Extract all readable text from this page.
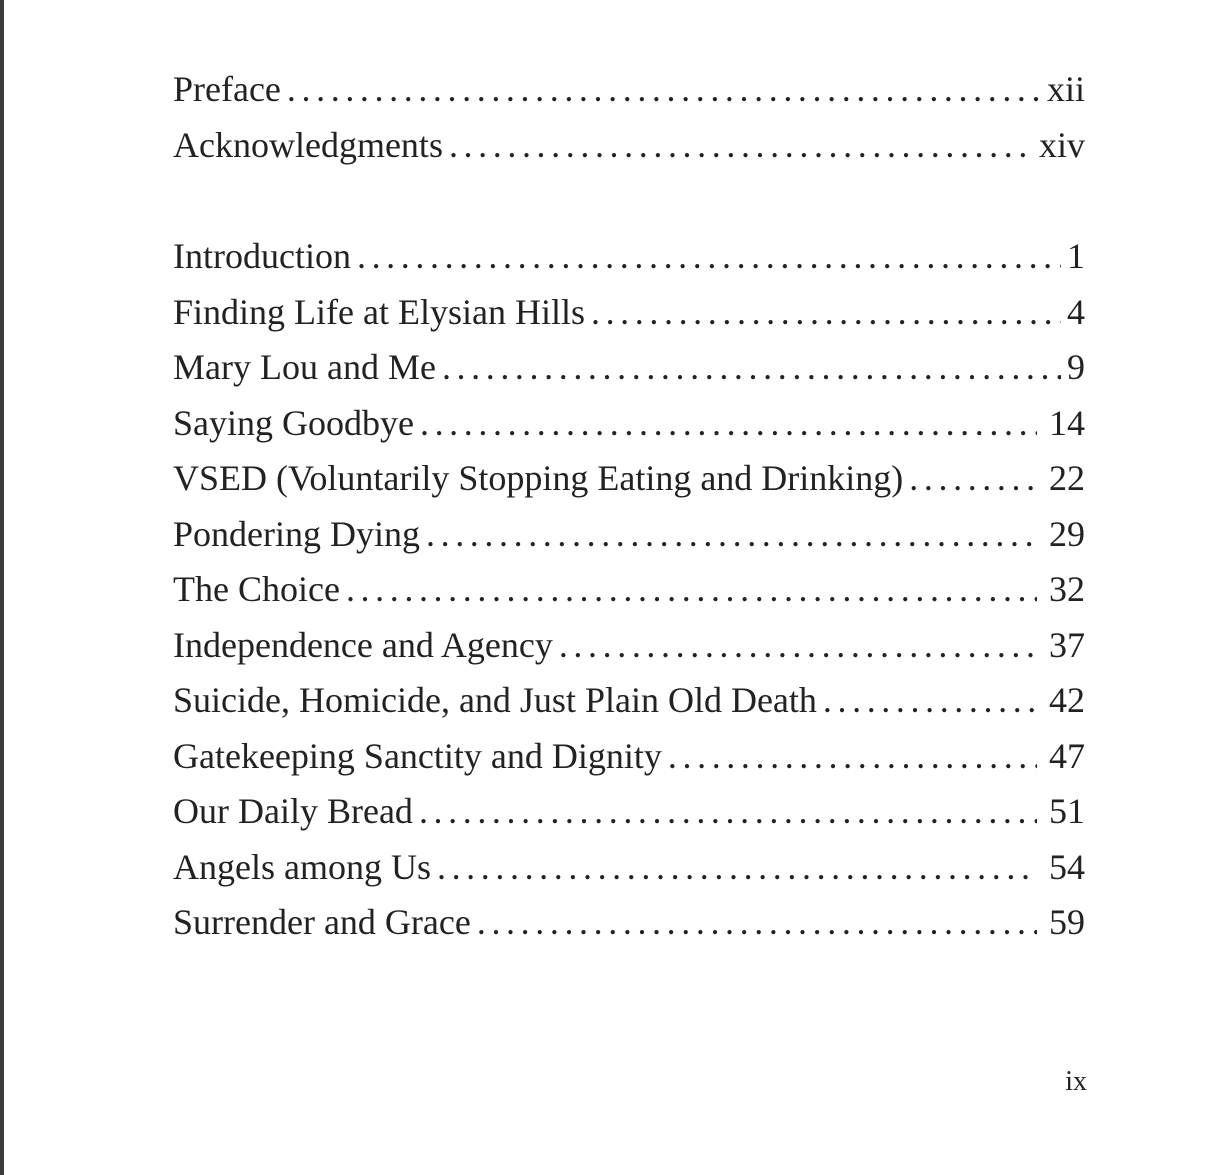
Preface .....	xii
Acknowledgments .....	xiv
Introduction .....	1
Finding Life at Elysian Hills .....	4
Mary Lou and Me .....	9
Saying Goodbye .....	14
VSED (Voluntarily Stopping Eating and Drinking) .....	22
Pondering Dying .....	29
The Choice .....	32
Independence and Agency .....	37
Suicide, Homicide, and Just Plain Old Death .....	42
Gatekeeping Sanctity and Dignity .....	47
Our Daily Bread .....	51
Angels among Us .....	54
Surrender and Grace .....	59
ix
